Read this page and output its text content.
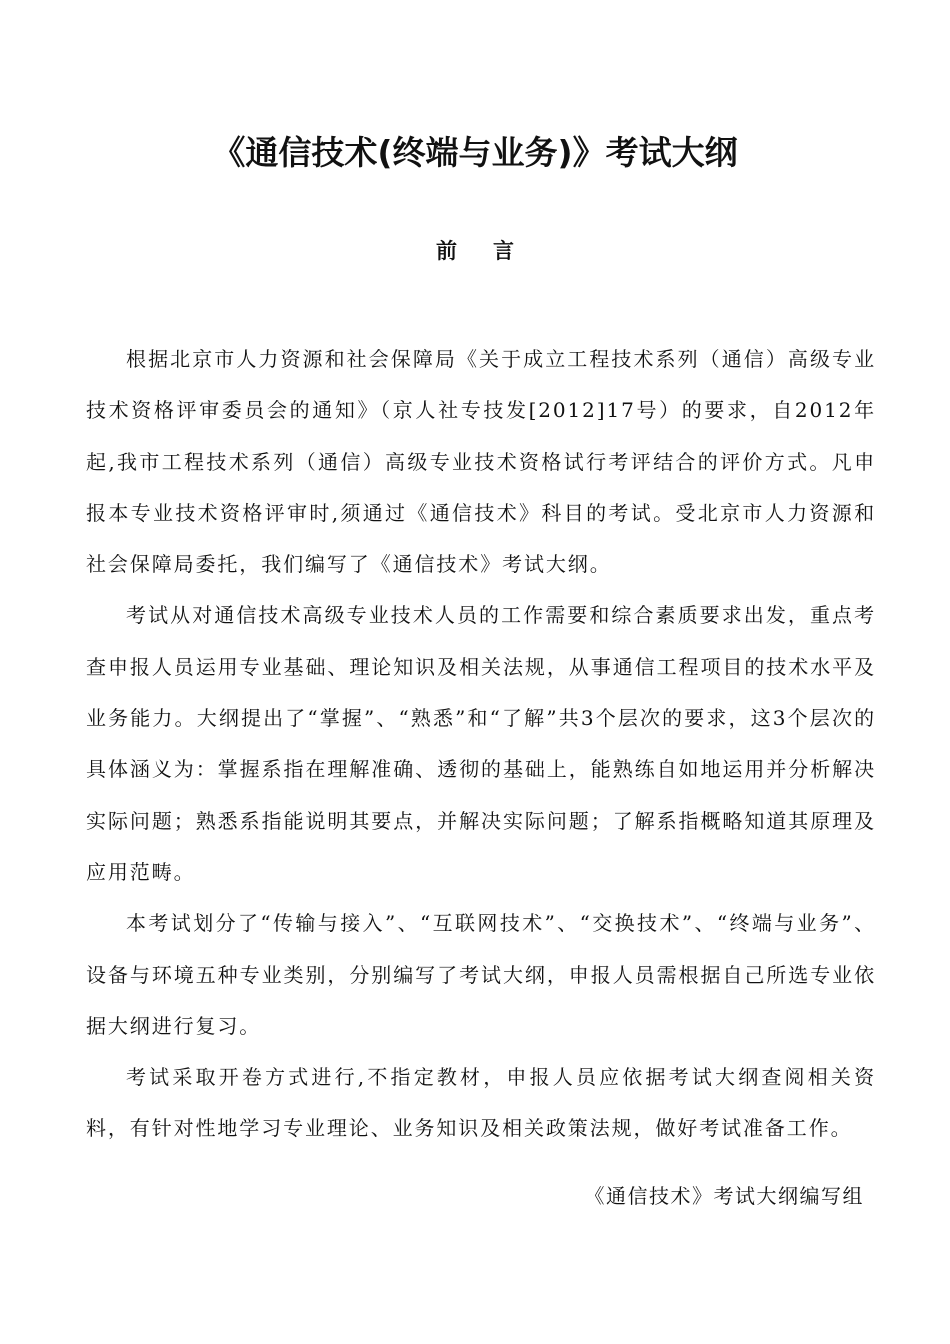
《通信技术(终端与业务)》考试大纲
前言

根据北京市人力资源和社会保障局《关于成立工程技术系列（通信）高级专业技术资格评审委员会的通知》（京人社专技发[2012]17号）的要求，自2012年起,我市工程技术系列（通信）高级专业技术资格试行考评结合的评价方式。凡申报本专业技术资格评审时,须通过《通信技术》科目的考试。受北京市人力资源和社会保障局委托，我们编写了《通信技术》考试大纲。

考试从对通信技术高级专业技术人员的工作需要和综合素质要求出发，重点考查申报人员运用专业基础、理论知识及相关法规，从事通信工程项目的技术水平及业务能力。大纲提出了“掌握”、“熟悉”和“了解”共3个层次的要求，这3个层次的具体涵义为：掌握系指在理解准确、透彻的基础上，能熟练自如地运用并分析解决实际问题；熟悉系指能说明其要点，并解决实际问题；了解系指概略知道其原理及应用范畴。

本考试划分了“传输与接入”、“互联网技术”、“交换技术”、“终端与业务”、设备与环境五种专业类别，分别编写了考试大纲，申报人员需根据自己所选专业依据大纲进行复习。

考试采取开卷方式进行,不指定教材，申报人员应依据考试大纲查阅相关资料，有针对性地学习专业理论、业务知识及相关政策法规，做好考试准备工作。

《通信技术》考试大纲编写组
